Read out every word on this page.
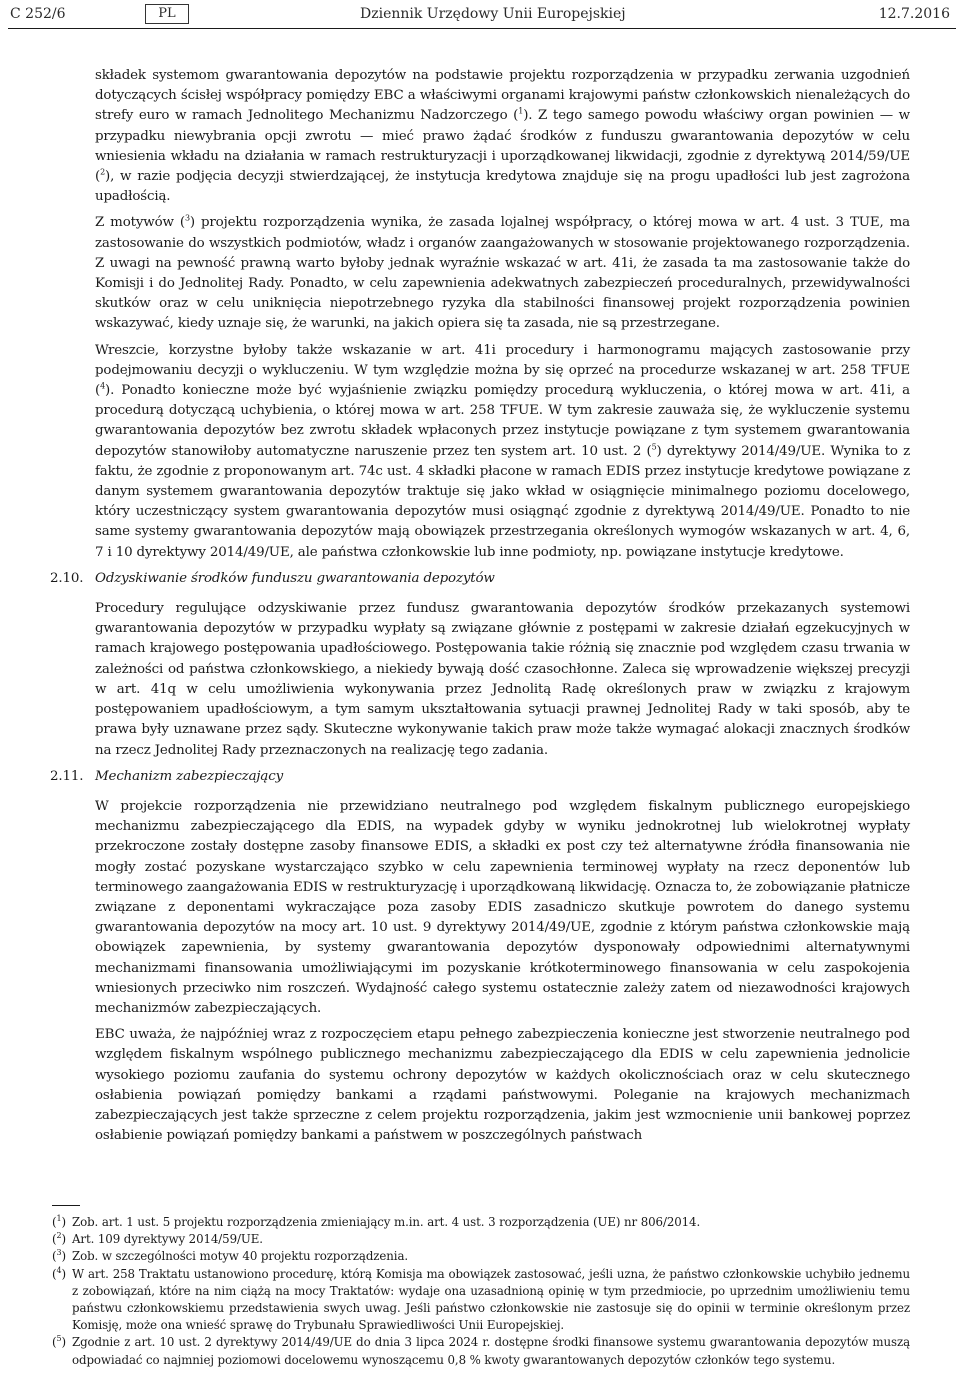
C 252/6	PL	Dziennik Urzędowy Unii Europejskiej	12.7.2016

składek systemom gwarantowania depozytów na podstawie projektu rozporządzenia w przypadku zerwania uzgodnień dotyczących ścisłej współpracy pomiędzy EBC a właściwymi organami krajowymi państw członkowskich nienależących do strefy euro w ramach Jednolitego Mechanizmu Nadzorczego ($^1$). Z tego samego powodu właściwy organ powinien — w przypadku niewybrania opcji zwrotu — mieć prawo żądać środków z funduszu gwarantowania depozytów w celu wniesienia wkładu na działania w ramach restrukturyzacji i uporządkowanej likwidacji, zgodnie z dyrektywą 2014/59/UE ($^2$), w razie podjęcia decyzji stwierdzającej, że instytucja kredytowa znajduje się na progu upadłości lub jest zagrożona upadłością.

Z motywów ($^3$) projektu rozporządzenia wynika, że zasada lojalnej współpracy, o której mowa w art. 4 ust. 3 TUE, ma zastosowanie do wszystkich podmiotów, władz i organów zaangażowanych w stosowanie projektowanego rozporządzenia. Z uwagi na pewność prawną warto byłoby jednak wyraźnie wskazać w art. 41i, że zasada ta ma zastosowanie także do Komisji i do Jednolitej Rady. Ponadto, w celu zapewnienia adekwatnych zabezpieczeń proceduralnych, przewidywalności skutków oraz w celu uniknięcia niepotrzebnego ryzyka dla stabilności finansowej projekt rozporządzenia powinien wskazywać, kiedy uznaje się, że warunki, na jakich opiera się ta zasada, nie są przestrzegane.

Wreszcie, korzystne byłoby także wskazanie w art. 41i procedury i harmonogramu mających zastosowanie przy podejmowaniu decyzji o wykluczeniu. W tym względzie można by się oprzeć na procedurze wskazanej w art. 258 TFUE ($^4$). Ponadto konieczne może być wyjaśnienie związku pomiędzy procedurą wykluczenia, o której mowa w art. 41i, a procedurą dotyczącą uchybienia, o której mowa w art. 258 TFUE. W tym zakresie zauważa się, że wykluczenie systemu gwarantowania depozytów bez zwrotu składek wpłaconych przez instytucje powiązane z tym systemem gwarantowania depozytów stanowiłoby automatyczne naruszenie przez ten system art. 10 ust. 2 ($^5$) dyrektywy 2014/49/UE. Wynika to z faktu, że zgodnie z proponowanym art. 74c ust. 4 składki płacone w ramach EDIS przez instytucje kredytowe powiązane z danym systemem gwarantowania depozytów traktuje się jako wkład w osiągnięcie minimalnego poziomu docelowego, który uczestniczący system gwarantowania depozytów musi osiągnąć zgodnie z dyrektywą 2014/49/UE. Ponadto to nie same systemy gwarantowania depozytów mają obowiązek przestrzegania określonych wymogów wskazanych w art. 4, 6, 7 i 10 dyrektywy 2014/49/UE, ale państwa członkowskie lub inne podmioty, np. powiązane instytucje kredytowe.

2.10. Odzyskiwanie środków funduszu gwarantowania depozytów

Procedury regulujące odzyskiwanie przez fundusz gwarantowania depozytów środków przekazanych systemowi gwarantowania depozytów w przypadku wypłaty są związane głównie z postępami w zakresie działań egzekucyjnych w ramach krajowego postępowania upadłościowego. Postępowania takie różnią się znacznie pod względem czasu trwania w zależności od państwa członkowskiego, a niekiedy bywają dość czasochłonne. Zaleca się wprowadzenie większej precyzji w art. 41q w celu umożliwienia wykonywania przez Jednolitą Radę określonych praw w związku z krajowym postępowaniem upadłościowym, a tym samym ukształtowania sytuacji prawnej Jednolitej Rady w taki sposób, aby te prawa były uznawane przez sądy. Skuteczne wykonywanie takich praw może także wymagać alokacji znacznych środków na rzecz Jednolitej Rady przeznaczonych na realizację tego zadania.

2.11. Mechanizm zabezpieczający

W projekcie rozporządzenia nie przewidziano neutralnego pod względem fiskalnym publicznego europejskiego mechanizmu zabezpieczającego dla EDIS, na wypadek gdyby w wyniku jednokrotnej lub wielokrotnej wypłaty przekroczone zostały dostępne zasoby finansowe EDIS, a składki ex post czy też alternatywne źródła finansowania nie mogły zostać pozyskane wystarczająco szybko w celu zapewnienia terminowej wypłaty na rzecz deponentów lub terminowego zaangażowania EDIS w restrukturyzację i uporządkowaną likwidację. Oznacza to, że zobowiązanie płatnicze związane z deponentami wykraczające poza zasoby EDIS zasadniczo skutkuje powrotem do danego systemu gwarantowania depozytów na mocy art. 10 ust. 9 dyrektywy 2014/49/UE, zgodnie z którym państwa członkowskie mają obowiązek zapewnienia, by systemy gwarantowania depozytów dysponowały odpowiednimi alternatywnymi mechanizmami finansowania umożliwiającymi im pozyskanie krótkoterminowego finansowania w celu zaspokojenia wniesionych przeciwko nim roszczeń. Wydajność całego systemu ostatecznie zależy zatem od niezawodności krajowych mechanizmów zabezpieczających.

EBC uważa, że najpóźniej wraz z rozpoczęciem etapu pełnego zabezpieczenia konieczne jest stworzenie neutralnego pod względem fiskalnym wspólnego publicznego mechanizmu zabezpieczającego dla EDIS w celu zapewnienia jednolicie wysokiego poziomu zaufania do systemu ochrony depozytów w każdych okolicznościach oraz w celu skutecznego osłabienia powiązań pomiędzy bankami a rządami państwowymi. Poleganie na krajowych mechanizmach zabezpieczających jest także sprzeczne z celem projektu rozporządzenia, jakim jest wzmocnienie unii bankowej poprzez osłabienie powiązań pomiędzy bankami a państwem w poszczególnych państwach

($^1$) Zob. art. 1 ust. 5 projektu rozporządzenia zmieniający m.in. art. 4 ust. 3 rozporządzenia (UE) nr 806/2014.
($^2$) Art. 109 dyrektywy 2014/59/UE.
($^3$) Zob. w szczególności motyw 40 projektu rozporządzenia.
($^4$) W art. 258 Traktatu ustanowiono procedurę, którą Komisja ma obowiązek zastosować, jeśli uzna, że państwo członkowskie uchybiło jednemu z zobowiązań, które na nim ciążą na mocy Traktatów: wydaje ona uzasadnioną opinię w tym przedmiocie, po uprzednim umożliwieniu temu państwu członkowskiemu przedstawienia swych uwag. Jeśli państwo członkowskie nie zastosuje się do opinii w terminie określonym przez Komisję, może ona wnieść sprawę do Trybunału Sprawiedliwości Unii Europejskiej.
($^5$) Zgodnie z art. 10 ust. 2 dyrektywy 2014/49/UE do dnia 3 lipca 2024 r. dostępne środki finansowe systemu gwarantowania depozytów muszą odpowiadać co najmniej poziomowi docelowemu wynoszącemu 0,8 % kwoty gwarantowanych depozytów członków tego systemu.
